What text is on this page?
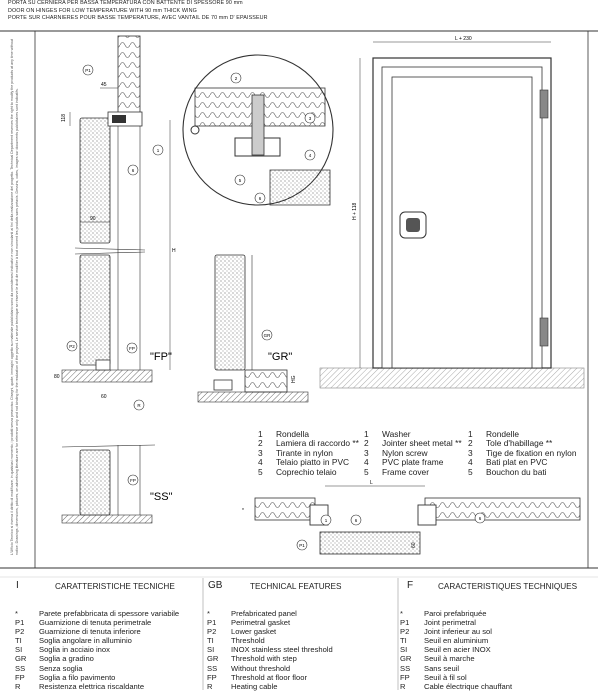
PORTA SU CERNIERA PER BASSA TEMPERATURA CON BATTENTE DI SPESSORE 90 mm
DOOR ON HINGES FOR LOW TEMPERATURE WITH 90 mm THICK WING
PORTE SUR CHARNIERES POUR BASSE TEMPERATURE, AVEC VANTAIL DE 70 mm D' EPAISSEUR
L'Ufficio Tecnico si riserva il diritto di modificare, in qualsiasi momento, i prodotti senza preavviso. Disegni, quote, immagini oggetto su materiale pubblicitario sono da considerarsi indicativi e non vincolanti ai fini della realizzazione del progetto. Technical Department reserves the right to modify the products at any time without notice. Drawings, dimensions, pictures, on advertising literature are for reference only and not binding for the realization of the project. Le service technique se réserve le droit de modifier à tout moment les produits sans préavis. Dessins, cotes, images sur documents publicitaires sont indicatifs.
45
118
90
H
80
60
"FP"
HG
"GR"
"SS"
L + 230
H + 118
L
*
60
1
6
P1
2
3
4
5
6
P2	FP
R
GR
FP
P1
1	6	6
1	Rondella
2	Lamiera di raccordo **
3	Tirante in nylon
4	Telaio piatto in PVC
5	Coprechio telaio
1	Washer
2	Jointer sheet metal **
3	Nylon screw
4	PVC plate frame
5	Frame cover
1	Rondelle
2	Tole d'habillage **
3	Tige de fixation en nylon
4	Bati plat en PVC
5	Bouchon du bati
I	CARATTERISTICHE TECNICHE
*	Parete prefabbricata di spessore variabile
P1	Guarnizione di tenuta perimetrale
P2	Guarnizione di tenuta inferiore
TI	Soglia angolare in alluminio
SI	Soglia in acciaio inox
GR	Soglia a gradino
SS	Senza soglia
FP	Soglia a filo pavimento
R	Resistenza elettrica riscaldante
GB	TECHNICAL FEATURES
*	Prefabricated panel
P1	Perimetral gasket
P2	Lower gasket
TI	Threshold
SI	INOX stainless steel threshold
GR	Threshold with step
SS	Without threshold
FP	Threshold at floor floor
R	Heating cable
F	CARACTERISTIQUES TECHNIQUES
*	Paroi prefabriquée
P1	Joint perimetral
P2	Joint inferieur au sol
TI	Seuil en aluminium
SI	Seuil en acier INOX
GR	Seuil à marche
SS	Sans seuil
FP	Seuil à fil sol
R	Cable électrique chauffant
